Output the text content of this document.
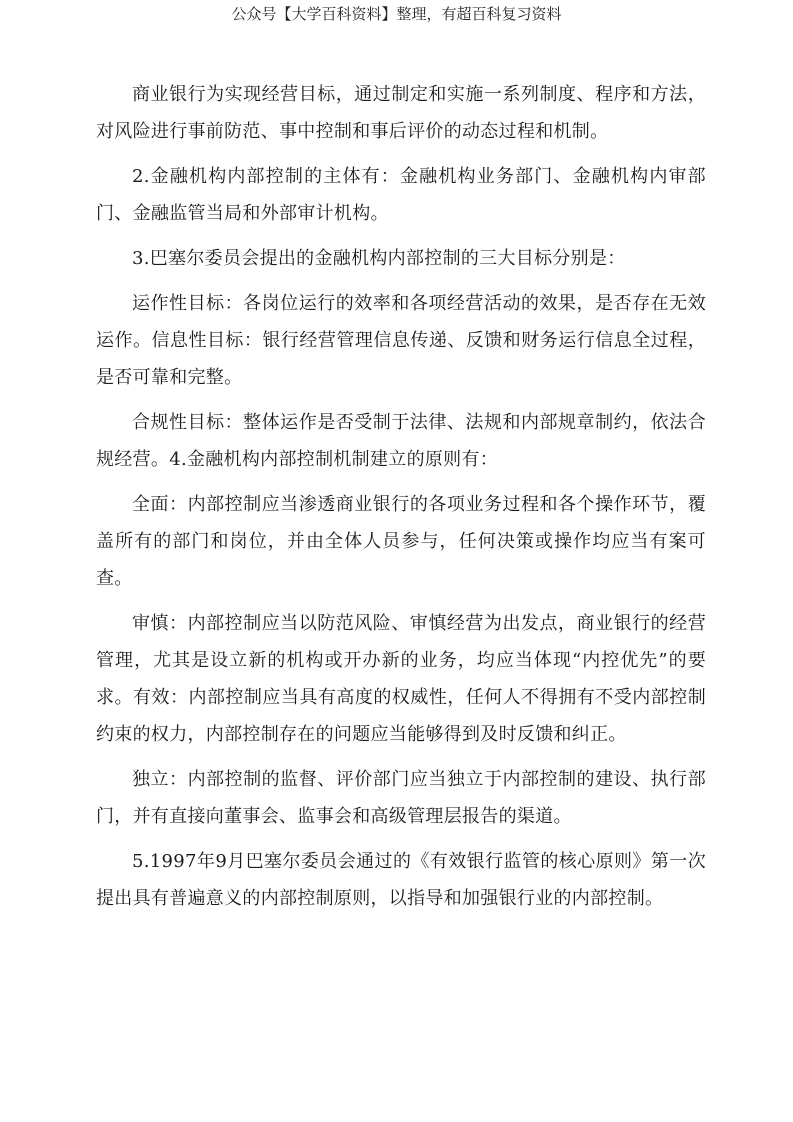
公众号【大学百科资料】整理，有超百科复习资料

商业银行为实现经营目标，通过制定和实施一系列制度、程序和方法，对风险进行事前防范、事中控制和事后评价的动态过程和机制。

2.金融机构内部控制的主体有：金融机构业务部门、金融机构内审部门、金融监管当局和外部审计机构。

3.巴塞尔委员会提出的金融机构内部控制的三大目标分别是：

运作性目标：各岗位运行的效率和各项经营活动的效果，是否存在无效运作。信息性目标：银行经营管理信息传递、反馈和财务运行信息全过程，是否可靠和完整。

合规性目标：整体运作是否受制于法律、法规和内部规章制约，依法合规经营。4.金融机构内部控制机制建立的原则有：

全面：内部控制应当渗透商业银行的各项业务过程和各个操作环节，覆盖所有的部门和岗位，并由全体人员参与，任何决策或操作均应当有案可查。

审慎：内部控制应当以防范风险、审慎经营为出发点，商业银行的经营管理，尤其是设立新的机构或开办新的业务，均应当体现“内控优先”的要求。有效：内部控制应当具有高度的权威性，任何人不得拥有不受内部控制约束的权力，内部控制存在的问题应当能够得到及时反馈和纠正。

独立：内部控制的监督、评价部门应当独立于内部控制的建设、执行部门，并有直接向董事会、监事会和高级管理层报告的渠道。

5.1997年9月巴塞尔委员会通过的《有效银行监管的核心原则》第一次提出具有普遍意义的内部控制原则，以指导和加强银行业的内部控制。
